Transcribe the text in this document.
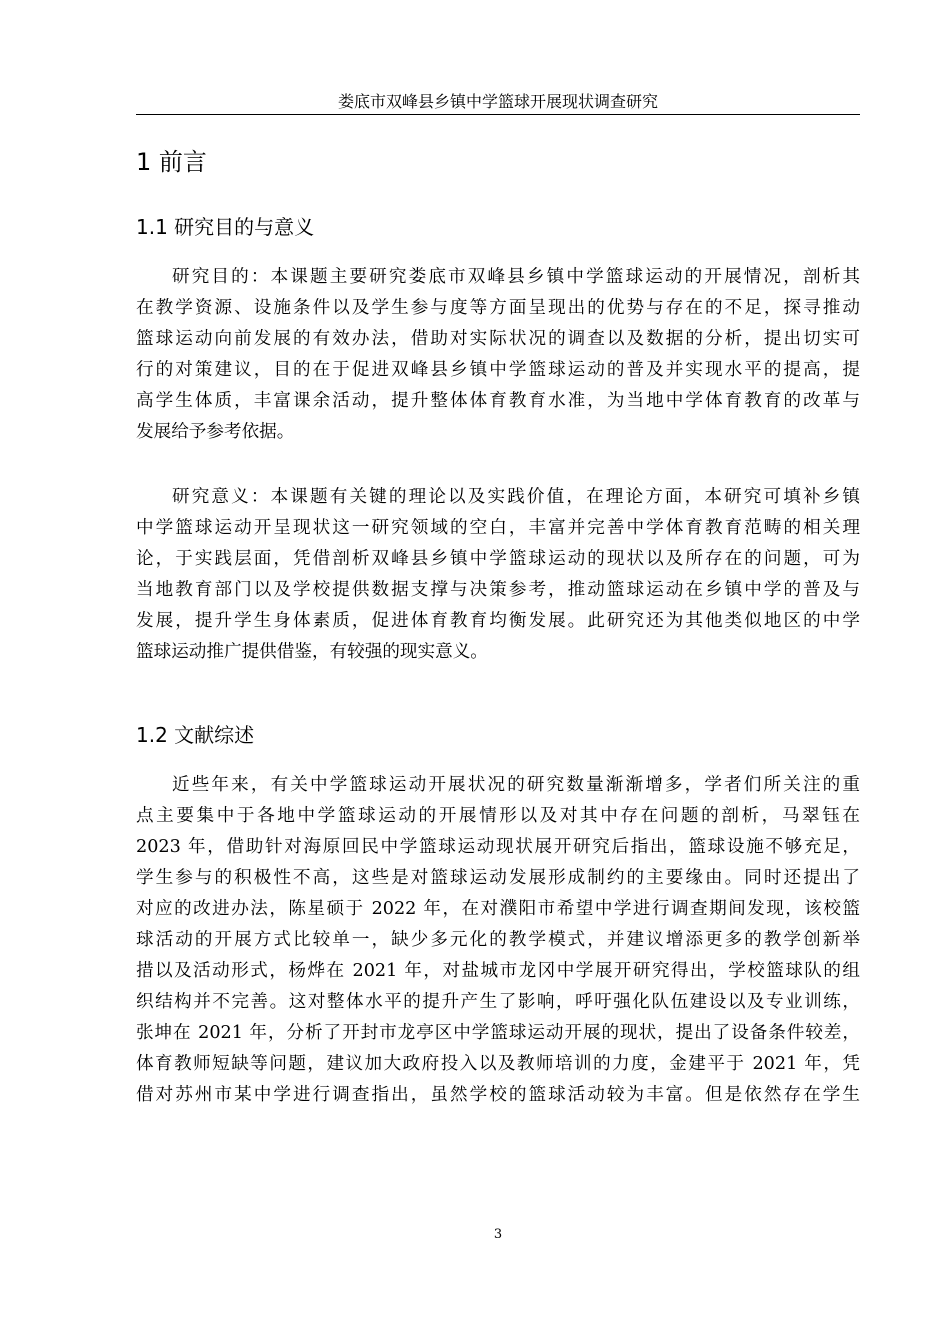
娄底市双峰县乡镇中学篮球开展现状调查研究
1 前言
1.1 研究目的与意义
研究目的：本课题主要研究娄底市双峰县乡镇中学篮球运动的开展情况，剖析其
在教学资源、设施条件以及学生参与度等方面呈现出的优势与存在的不足，探寻推动
篮球运动向前发展的有效办法，借助对实际状况的调查以及数据的分析，提出切实可
行的对策建议，目的在于促进双峰县乡镇中学篮球运动的普及并实现水平的提高，提
高学生体质，丰富课余活动，提升整体体育教育水准，为当地中学体育教育的改革与
发展给予参考依据。
研究意义：本课题有关键的理论以及实践价值，在理论方面，本研究可填补乡镇
中学篮球运动开呈现状这一研究领域的空白，丰富并完善中学体育教育范畴的相关理
论，于实践层面，凭借剖析双峰县乡镇中学篮球运动的现状以及所存在的问题，可为
当地教育部门以及学校提供数据支撑与决策参考，推动篮球运动在乡镇中学的普及与
发展，提升学生身体素质，促进体育教育均衡发展。此研究还为其他类似地区的中学
篮球运动推广提供借鉴，有较强的现实意义。
1.2 文献综述
近些年来，有关中学篮球运动开展状况的研究数量渐渐增多，学者们所关注的重
点主要集中于各地中学篮球运动的开展情形以及对其中存在问题的剖析，马翠钰在
2023 年，借助针对海原回民中学篮球运动现状展开研究后指出，篮球设施不够充足，
学生参与的积极性不高，这些是对篮球运动发展形成制约的主要缘由。同时还提出了
对应的改进办法，陈星硕于 2022 年，在对濮阳市希望中学进行调查期间发现，该校篮
球活动的开展方式比较单一，缺少多元化的教学模式，并建议增添更多的教学创新举
措以及活动形式，杨烨在 2021 年，对盐城市龙冈中学展开研究得出，学校篮球队的组
织结构并不完善。这对整体水平的提升产生了影响，呼吁强化队伍建设以及专业训练，
张坤在 2021 年，分析了开封市龙亭区中学篮球运动开展的现状，提出了设备条件较差，
体育教师短缺等问题，建议加大政府投入以及教师培训的力度，金建平于 2021 年，凭
借对苏州市某中学进行调查指出，虽然学校的篮球活动较为丰富。但是依然存在学生
3
